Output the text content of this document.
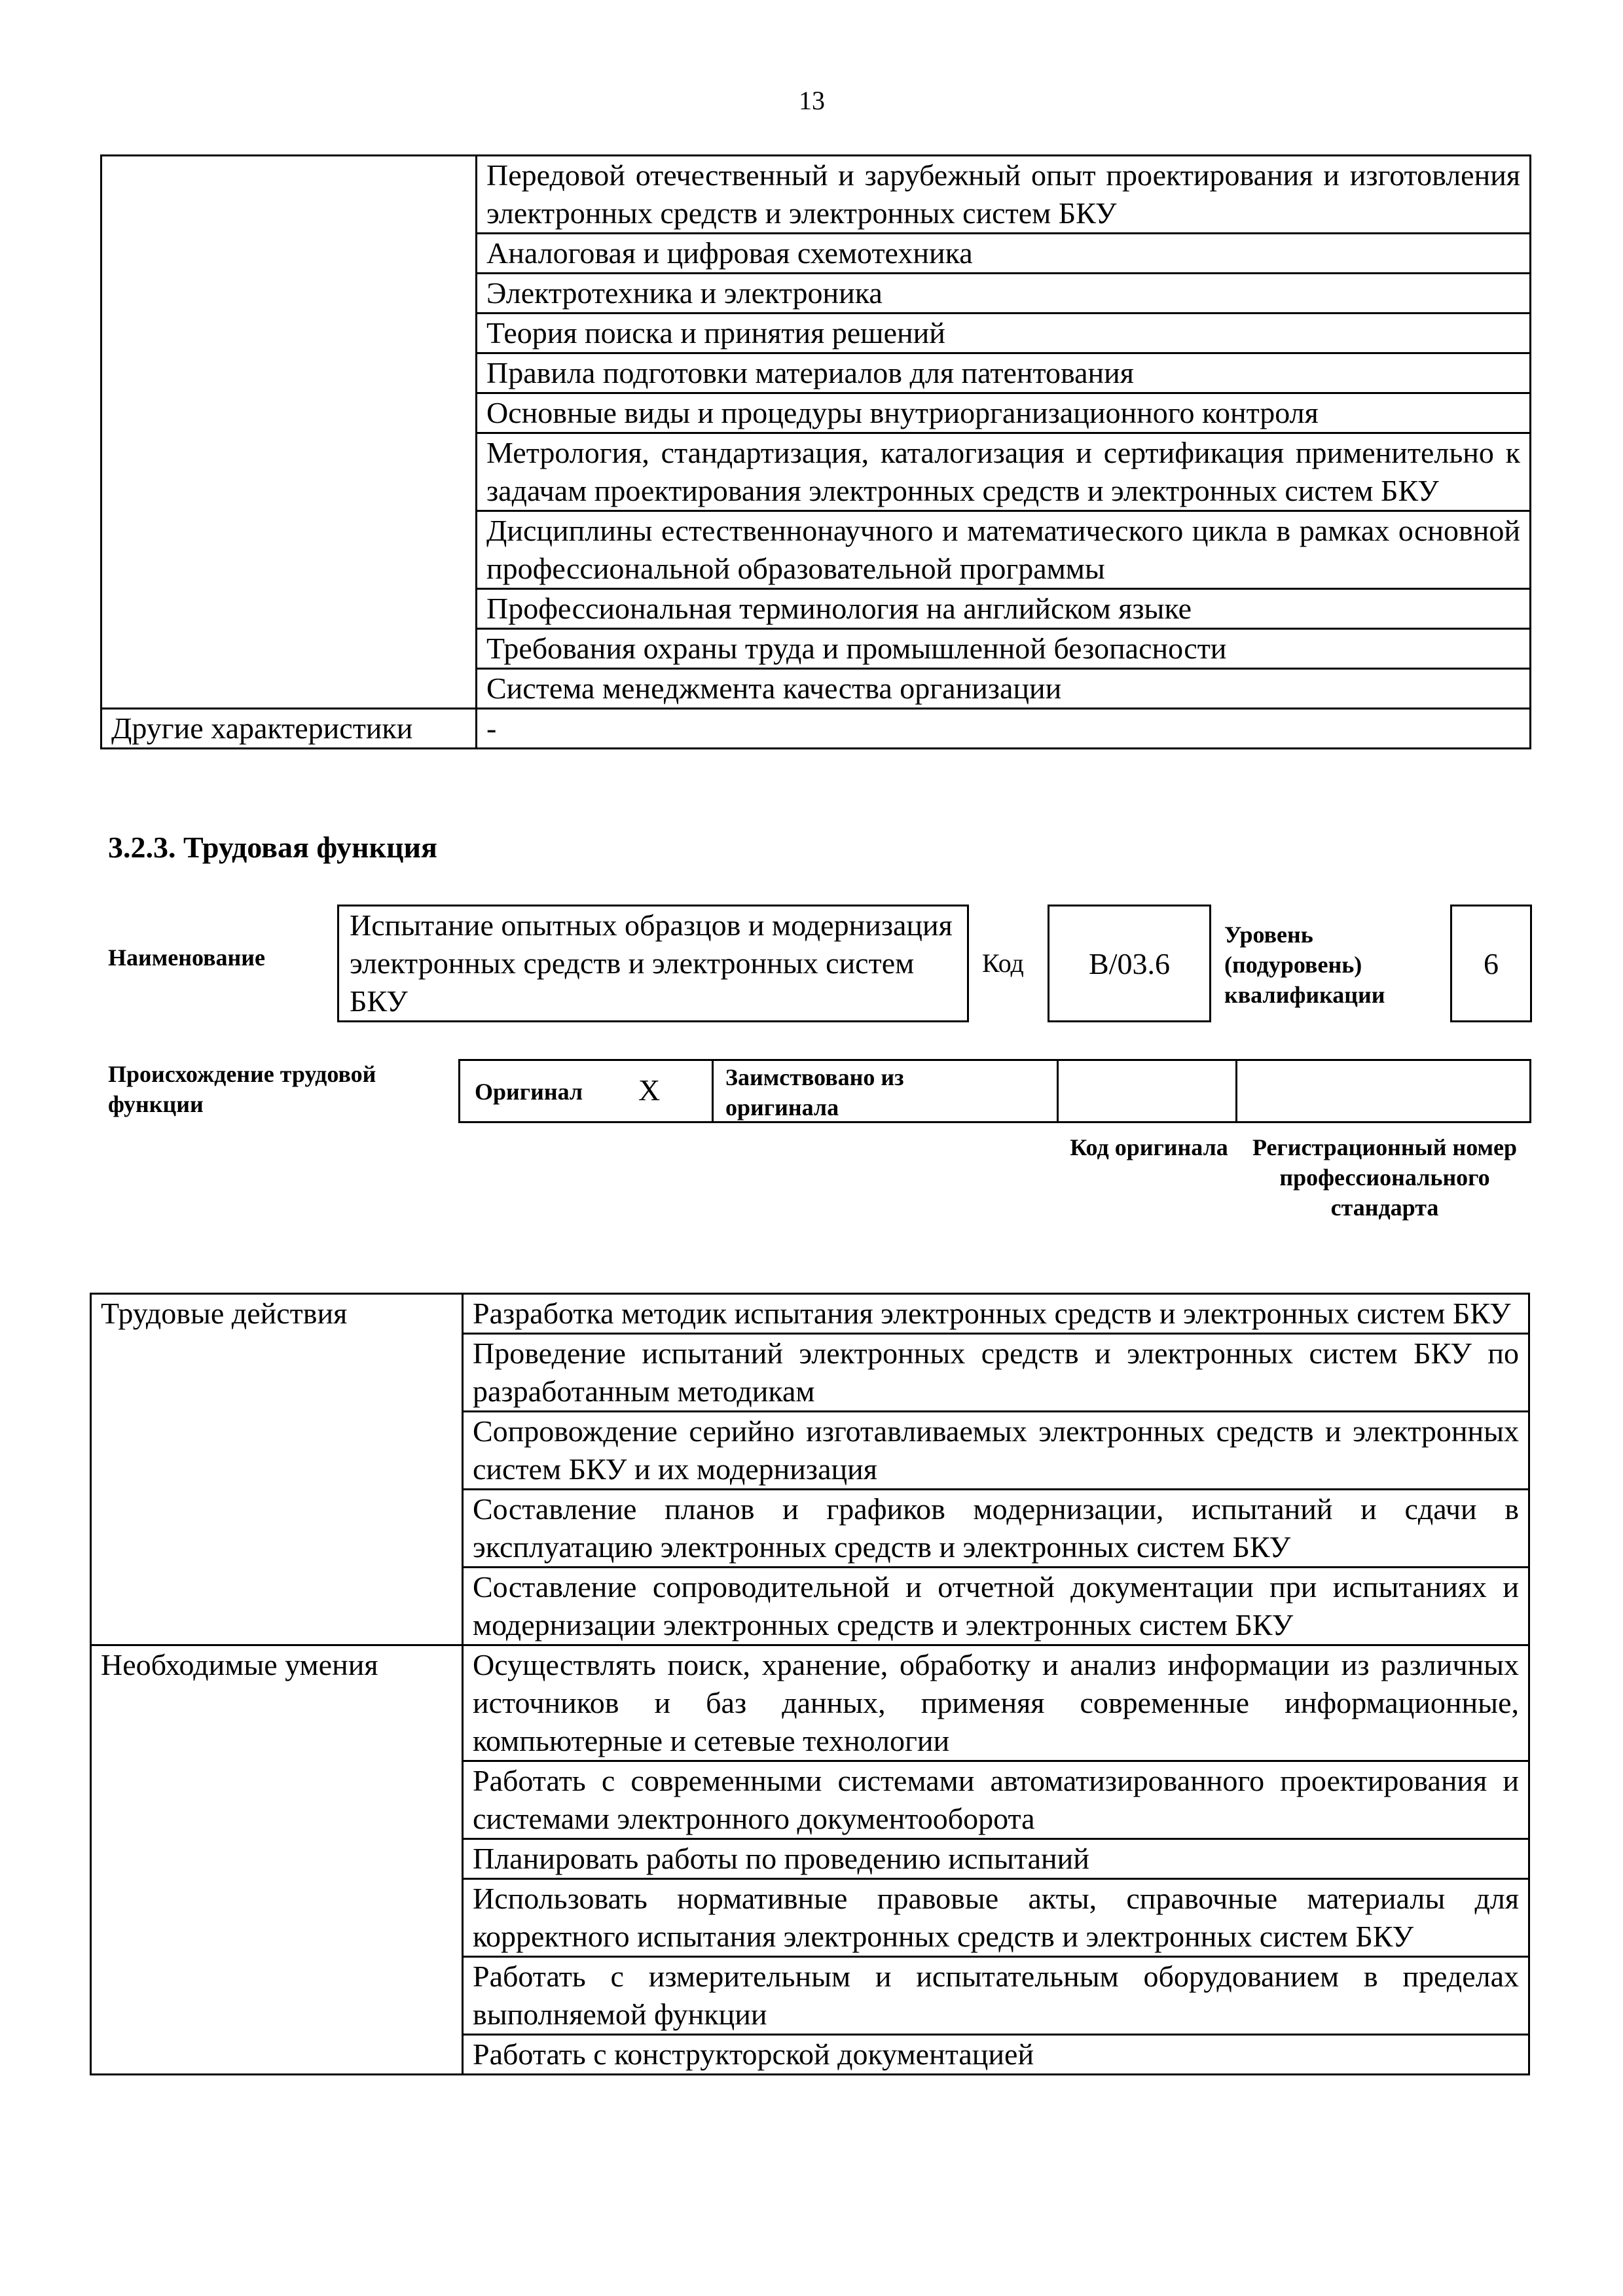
13
	Передовой отечественный и зарубежный опыт проектирования и изготовления электронных средств и электронных систем БКУ
	Аналоговая и цифровая схемотехника
	Электротехника и электроника
	Теория поиска и принятия решений
	Правила подготовки материалов для патентования
	Основные виды и процедуры внутриорганизационного контроля
	Метрология, стандартизация, каталогизация и сертификация применительно к задачам проектирования электронных средств и электронных систем БКУ
	Дисциплины естественнонаучного и математического цикла в рамках основной профессиональной образовательной программы
	Профессиональная терминология на английском языке
	Требования охраны труда и промышленной безопасности
	Система менеджмента качества организации
Другие характеристики	-
3.2.3. Трудовая функция
Наименование
Испытание опытных образцов и модернизация электронных средств и электронных систем БКУ
Код B/03.6
Уровень (подуровень) квалификации
6
Происхождение трудовой функции	Оригинал X	Заимствовано из оригинала
Код оригинала	Регистрационный номер профессионального стандарта
Трудовые действия	Разработка методик испытания электронных средств и электронных систем БКУ
	Проведение испытаний электронных средств и электронных систем БКУ по разработанным методикам
	Сопровождение серийно изготавливаемых электронных средств и электронных систем БКУ и их модернизация
	Составление планов и графиков модернизации, испытаний и сдачи в эксплуатацию электронных средств и электронных систем БКУ
	Составление сопроводительной и отчетной документации при испытаниях и модернизации электронных средств и электронных систем БКУ
Необходимые умения	Осуществлять поиск, хранение, обработку и анализ информации из различных источников и баз данных, применяя современные информационные, компьютерные и сетевые технологии
	Работать с современными системами автоматизированного проектирования и системами электронного документооборота
	Планировать работы по проведению испытаний
	Использовать нормативные правовые акты, справочные материалы для корректного испытания электронных средств и электронных систем БКУ
	Работать с измерительным и испытательным оборудованием в пределах выполняемой функции
	Работать с конструкторской документацией
